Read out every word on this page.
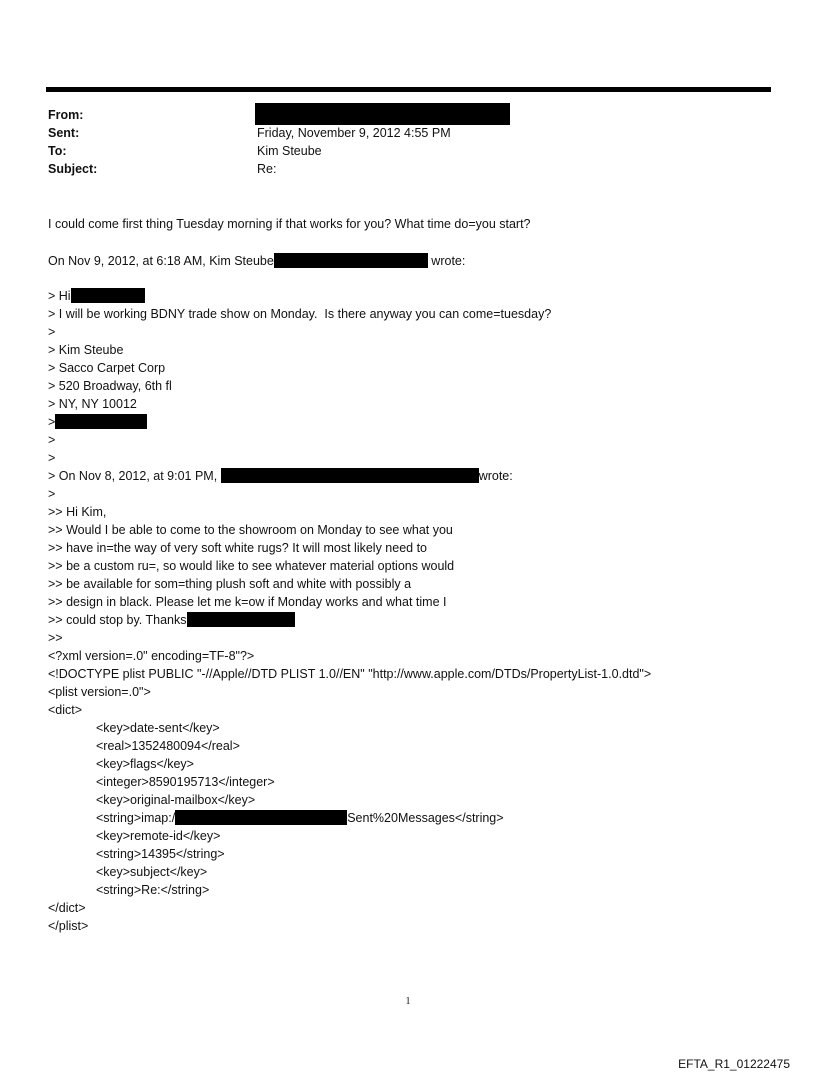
From:
Sent:	Friday, November 9, 2012 4:55 PM
To:	Kim Steube
Subject:	Re:
I could come first thing Tuesday morning if that works for you? What time do=you start?
On Nov 9, 2012, at 6:18 AM, Kim Steube	wrote:
> Hi
> I will be working BDNY trade show on Monday.  Is there anyway you can come=tuesday?
>
> Kim Steube
> Sacco Carpet Corp
> 520 Broadway, 6th fl
> NY, NY 10012
>
>
>
> On Nov 8, 2012, at 9:01 PM,	wrote:
>
>> Hi Kim,
>> Would I be able to come to the showroom on Monday to see what you
>> have in=the way of very soft white rugs? It will most likely need to
>> be a custom ru=, so would like to see whatever material options would
>> be available for som=thing plush soft and white with possibly a
>> design in black. Please let me k=ow if Monday works and what time I
>> could stop by. Thanks
>>
<?xml version=.0" encoding=TF-8"?>
<!DOCTYPE plist PUBLIC "-//Apple//DTD PLIST 1.0//EN" "http://www.apple.com/DTDs/PropertyList-1.0.dtd">
<plist version=.0">
<dict>
<key>date-sent</key>
<real>1352480094</real>
<key>flags</key>
<integer>8590195713</integer>
<key>original-mailbox</key>
<string>imap:/	Sent%20Messages</string>
<key>remote-id</key>
<string>14395</string>
<key>subject</key>
<string>Re:</string>
</dict>
</plist>
1
EFTA_R1_01222475
